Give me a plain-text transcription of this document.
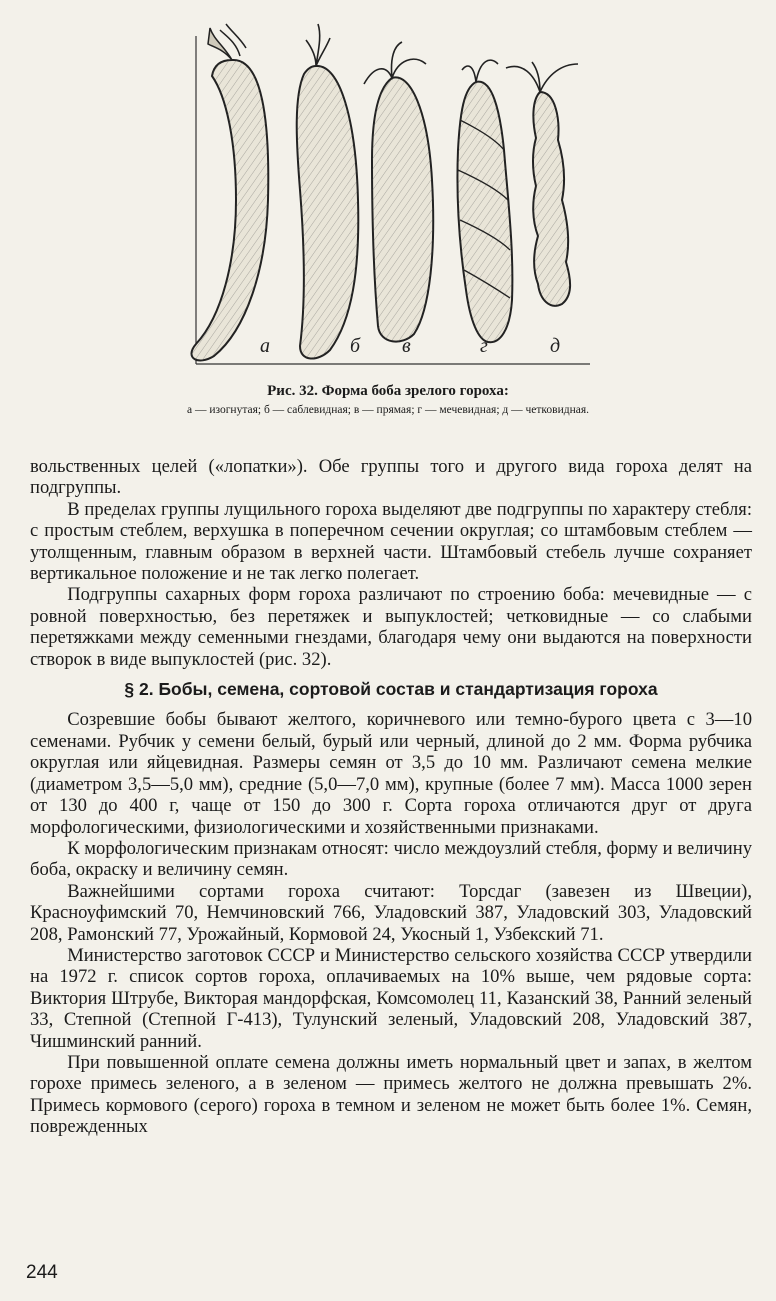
а	б в	г	д
Рис. 32. Форма боба зрелого гороха:
а — изогнутая; б — саблевидная; в — прямая; г — мечевидная; д — четковидная.

вольственных целей («лопатки»). Обе группы того и другого вида гороха делят на подгруппы.

В пределах группы лущильного гороха выделяют две подгруппы по характеру стебля: с простым стеблем, верхушка в поперечном сечении округлая; со штамбовым стеблем — утолщенным, главным образом в верхней части. Штамбовый стебель лучше сохраняет вертикальное положение и не так легко полегает.

Подгруппы сахарных форм гороха различают по строению боба: мечевидные — с ровной поверхностью, без перетяжек и выпуклостей; четковидные — со слабыми перетяжками между семенными гнездами, благодаря чему они выдаются на поверхности створок в виде выпуклостей (рис. 32).

§ 2. Бобы, семена, сортовой состав и стандартизация гороха

Созревшие бобы бывают желтого, коричневого или темно-бурого цвета с 3—10 семенами. Рубчик у семени белый, бурый или черный, длиной до 2 мм. Форма рубчика округлая или яйцевидная. Размеры семян от 3,5 до 10 мм. Различают семена мелкие (диаметром 3,5—5,0 мм), средние (5,0—7,0 мм), крупные (более 7 мм). Масса 1000 зерен от 130 до 400 г, чаще от 150 до 300 г. Сорта гороха отличаются друг от друга морфологическими, физиологическими и хозяйственными признаками.

К морфологическим признакам относят: число междоузлий стебля, форму и величину боба, окраску и величину семян.

Важнейшими сортами гороха считают: Торсдаг (завезен из Швеции), Красноуфимский 70, Немчиновский 766, Уладовский 387, Уладовский 303, Уладовский 208, Рамонский 77, Урожайный, Кормовой 24, Укосный 1, Узбекский 71.

Министерство заготовок СССР и Министерство сельского хозяйства СССР утвердили на 1972 г. список сортов гороха, оплачиваемых на 10% выше, чем рядовые сорта: Виктория Штрубе, Викторая мандорфская, Комсомолец 11, Казанский 38, Ранний зеленый 33, Степной (Степной Г-413), Тулунский зеленый, Уладовский 208, Уладовский 387, Чишминский ранний.

При повышенной оплате семена должны иметь нормальный цвет и запах, в желтом горохе примесь зеленого, а в зеленом — примесь желтого не должна превышать 2%. Примесь кормового (серого) гороха в темном и зеленом не может быть более 1%. Семян, поврежденных

244
